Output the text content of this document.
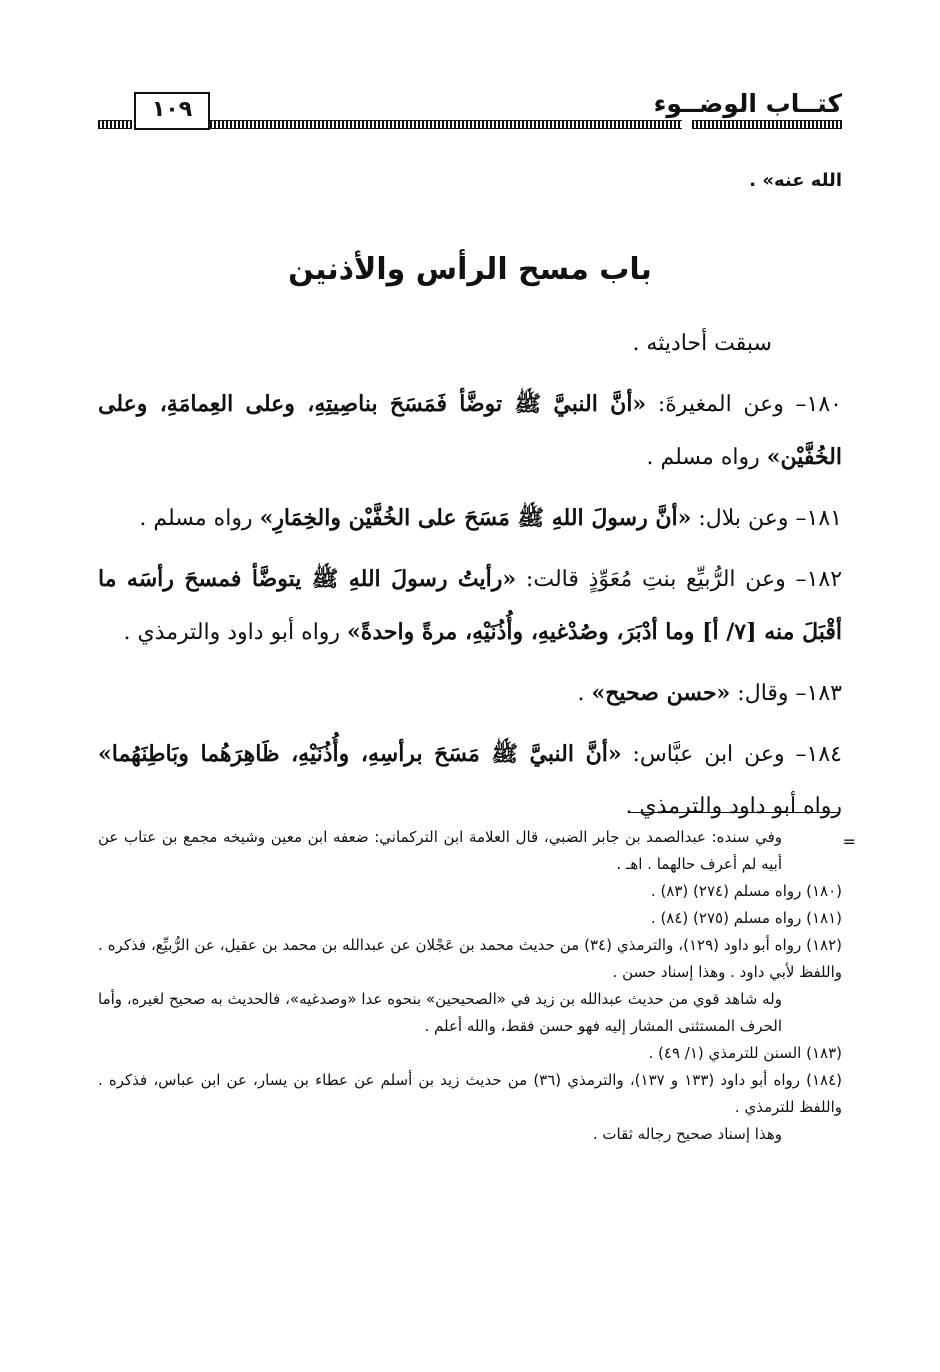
كتــاب الوضــوء
١٠٩
الله عنه» .
باب مسح الرأس والأذنين

سبقت أحاديثه .

١٨٠– وعن المغيرةَ: «أنَّ النبيَّ ﷺ توضَّأ فَمَسَحَ بناصِيتِهِ، وعلى العِمامَةِ، وعلى الخُفَّيْن» رواه مسلم .

١٨١– وعن بلال: «أنَّ رسولَ اللهِ ﷺ مَسَحَ على الخُفَّيْن والخِمَارِ» رواه مسلم .

١٨٢– وعن الرُّبيِّع بنتِ مُعَوِّذٍ قالت: «رأيتُ رسولَ اللهِ ﷺ يتوضَّأ فمسحَ رأسَه ما أقْبَلَ منه [٧/ أ] وما أدْبَرَ، وصُدْغيهِ، وأُذُنَيْهِ، مرةً واحدةً» رواه أبو داود والترمذي .

١٨٣– وقال: «حسن صحيح» .

١٨٤– وعن ابن عبَّاس: «أنَّ النبيَّ ﷺ مَسَحَ برأسِهِ، وأُذُنَيْهِ، ظَاهِرَهُما وبَاطِنَهُما» رواه أبو داود والترمذي .

=

وفي سنده: عبدالصمد بن جابر الضبي، قال العلامة ابن التركماني: ضعفه ابن معين وشيخه مجمع بن عتاب عن أبيه لم أعرف حالهما . اهـ .

(١٨٠) رواه مسلم (٢٧٤) (٨٣) .

(١٨١) رواه مسلم (٢٧٥) (٨٤) .

(١٨٢) رواه أبو داود (١٢٩)، والترمذي (٣٤) من حديث محمد بن عَجْلان عن عبدالله بن محمد بن عقيل، عن الرُّبيِّع، فذكره . واللفظ لأبي داود . وهذا إسناد حسن .

وله شاهد قوي من حديث عبدالله بن زيد في «الصحيحين» بنحوه عدا «وصدغيه»، فالحديث به صحيح لغيره، وأما الحرف المستثنى المشار إليه فهو حسن فقط، والله أعلم .

(١٨٣) السنن للترمذي (١/ ٤٩) .

(١٨٤) رواه أبو داود (١٣٣ و ١٣٧)، والترمذي (٣٦) من حديث زيد بن أسلم عن عطاء بن يسار، عن ابن عباس، فذكره . واللفظ للترمذي .

وهذا إسناد صحيح رجاله ثقات .
